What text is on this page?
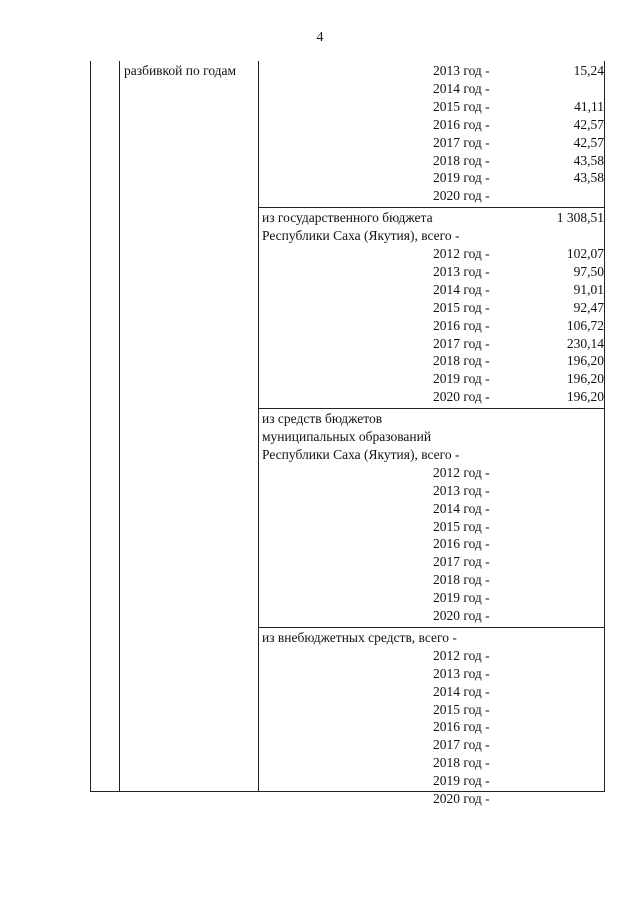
4
разбивкой по годам	2013 год -	15,24
2014 год -
2015 год -	41,11
2016 год -	42,57
2017 год -	42,57
2018 год -	43,58
2019 год -	43,58
2020 год -
из государственного бюджета	1 308,51
Республики Саха (Якутия), всего -
2012 год -	102,07
2013 год -	97,50
2014 год -	91,01
2015 год -	92,47
2016 год -	106,72
2017 год -	230,14
2018 год -	196,20
2019 год -	196,20
2020 год -	196,20
из средств бюджетов
муниципальных образований
Республики Саха (Якутия), всего -
2012 год -
2013 год -
2014 год -
2015 год -
2016 год -
2017 год -
2018 год -
2019 год -
2020 год -
из внебюджетных средств, всего -
2012 год -
2013 год -
2014 год -
2015 год -
2016 год -
2017 год -
2018 год -
2019 год -
2020 год -
